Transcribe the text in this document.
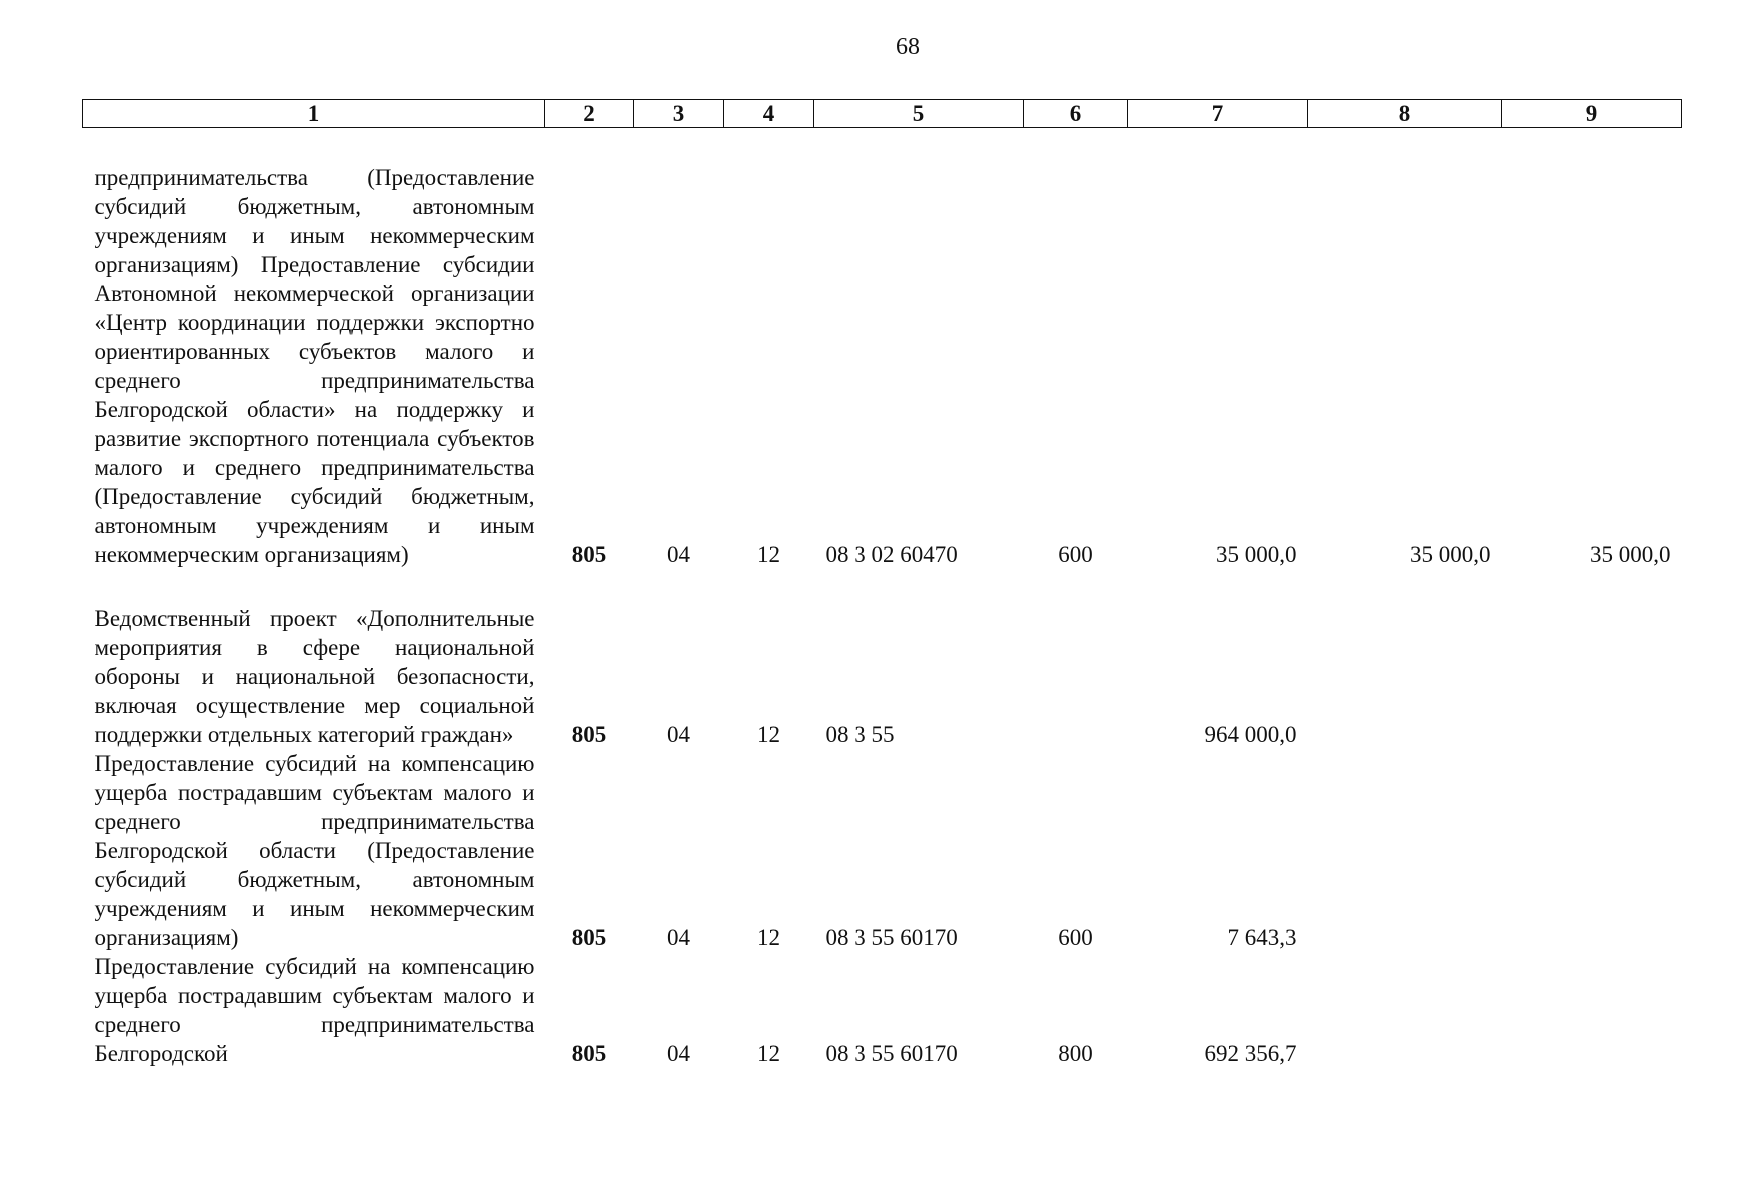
68
1	2	3	4	5	6	7	8	9
предпринимательства (Предоставление субсидий бюджетным, автономным учреждениям и иным некоммерческим организациям) Предоставление субсидии Автономной некоммерческой организации «Центр координации поддержки экспортно ориентированных субъектов малого и среднего предпринимательства Белгородской области» на поддержку и развитие экспортного потенциала субъектов малого и среднего предпринимательства (Предоставление субсидий бюджетным, автономным учреждениям и иным некоммерческим организациям)	805	04	12	08 3 02 60470	600	35 000,0	35 000,0	35 000,0
Ведомственный проект «Дополнительные мероприятия в сфере национальной обороны и национальной безопасности, включая осуществление мер социальной поддержки отдельных категорий граждан»	805	04	12	08 3 55		964 000,0		
Предоставление субсидий на компенсацию ущерба пострадавшим субъектам малого и среднего предпринимательства Белгородской области (Предоставление субсидий бюджетным, автономным учреждениям и иным некоммерческим организациям)	805	04	12	08 3 55 60170	600	7 643,3		
Предоставление субсидий на компенсацию ущерба пострадавшим субъектам малого и среднего предпринимательства Белгородской	805	04	12	08 3 55 60170	800	692 356,7		
